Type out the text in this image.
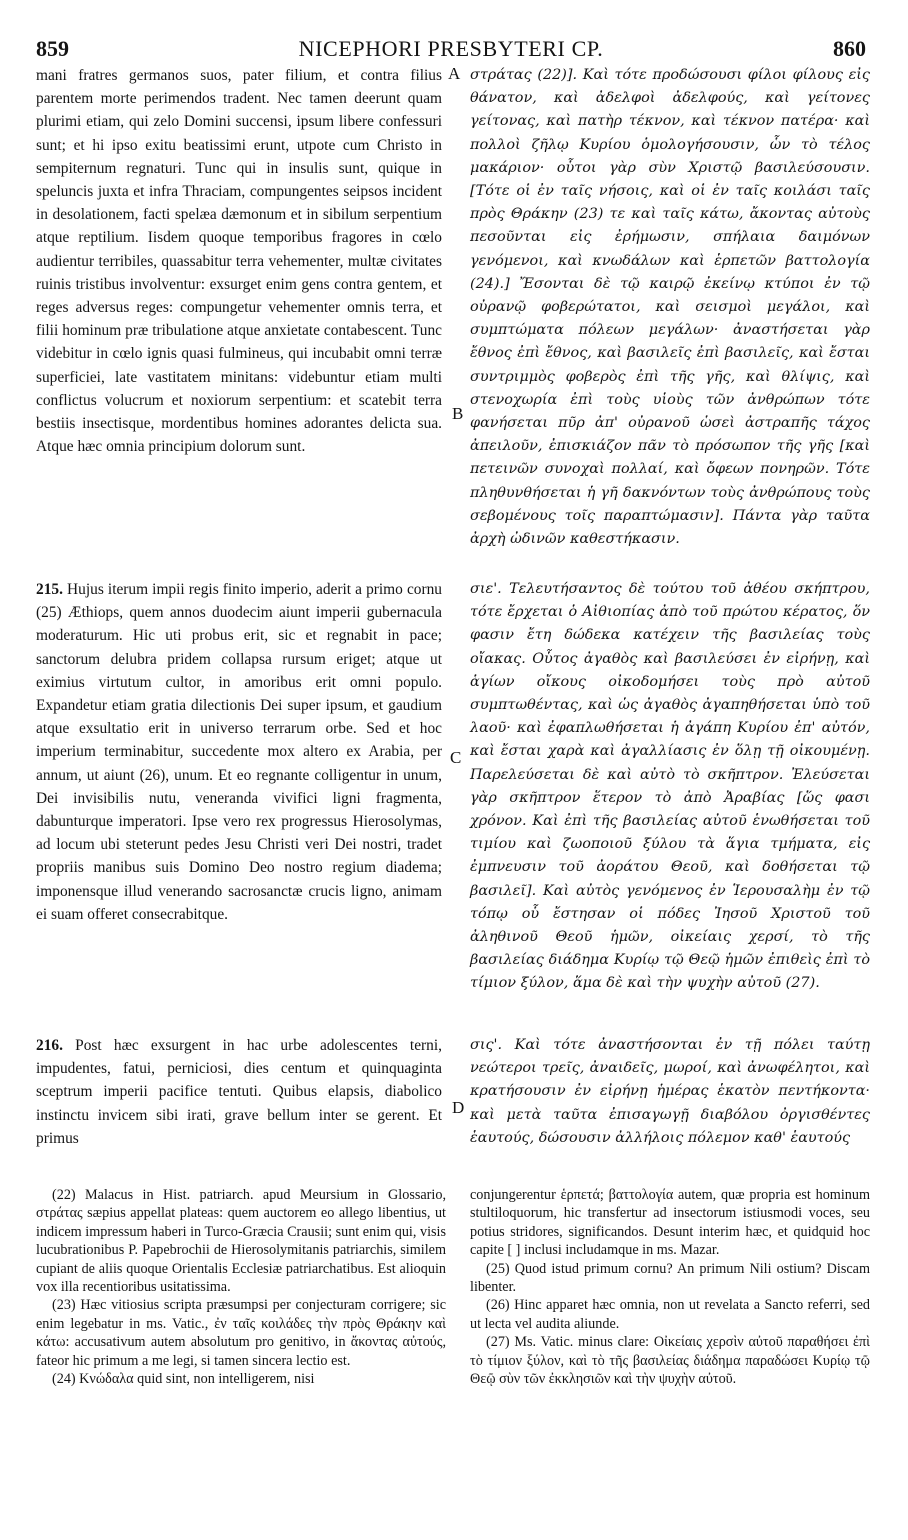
859	NICEPHORI PRESBYTERI CP.	860
mani fratres germanos suos, pater filium, et contra filius parentem morte perimendos tradent. Nec tamen deerunt quam plurimi etiam, qui zelo Domini succensi, ipsum libere confessuri sunt; et hi ipso exitu beatissimi erunt, utpote cum Christo in sempiternum regnaturi. Tunc qui in insulis sunt, quique in speluncis juxta et infra Thraciam, compungentes seipsos incident in desolationem, facti spelæa dæmonum et in sibilum serpentium atque reptilium. Iisdem quoque temporibus fragores in cœlo audientur terribiles, quassabitur terra vehementer, multæ civitates ruinis tristibus involventur: exsurget enim gens contra gentem, et reges adversus reges: compungetur vehementer omnis terra, et filii hominum præ tribulatione atque anxietate contabescent. Tunc videbitur in cœlo ignis quasi fulmineus, qui incubabit omni terræ superficiei, late vastitatem minitans: videbuntur etiam multi conflictus volucrum et noxiorum serpentium: et scatebit terra bestiis insectisque, mordentibus homines adorantes delicta sua. Atque hæc omnia principium dolorum sunt.
στράτας (22)]. Καὶ τότε προδώσουσι φίλοι φίλους εἰς θάνατον, καὶ ἀδελφοὶ ἀδελφούς, καὶ γείτονες γείτονας, καὶ πατὴρ τέκνον, καὶ τέκνον πατέρα· καὶ πολλοὶ ζῆλῳ Κυρίου ὁμολογήσουσιν, ὧν τὸ τέλος μακάριον· οὗτοι γὰρ σὺν Χριστῷ βασιλεύσουσιν. [Τότε οἱ ἐν ταῖς νήσοις, καὶ οἱ ἐν ταῖς κοιλάσι ταῖς πρὸς Θράκην (23) τε καὶ ταῖς κάτω, ἄκοντας αὐτοὺς πεσοῦνται εἰς ἐρήμωσιν, σπήλαια δαιμόνων γενόμενοι, καὶ κνωδάλων καὶ ἑρπετῶν βαττολογία (24).] Ἔσονται δὲ τῷ καιρῷ ἐκείνῳ κτύποι ἐν τῷ οὐρανῷ φοβερώτατοι, καὶ σεισμοὶ μεγάλοι, καὶ συμπτώματα πόλεων μεγάλων· ἀναστήσεται γὰρ ἔθνος ἐπὶ ἔθνος, καὶ βασιλεῖς ἐπὶ βασιλεῖς, καὶ ἔσται συντριμμὸς φοβερὸς ἐπὶ τῆς γῆς, καὶ θλίψις, καὶ στενοχωρία ἐπὶ τοὺς υἱοὺς τῶν ἀνθρώπων τότε φανήσεται πῦρ ἀπ' οὐρανοῦ ὡσεὶ ἀστραπῆς τάχος ἀπειλοῦν, ἐπισκιάζον πᾶν τὸ πρόσωπον τῆς γῆς [καὶ πετεινῶν συνοχαὶ πολλαί, καὶ ὄφεων πονηρῶν. Τότε πληθυνθήσεται ἡ γῆ δακνόντων τοὺς ἀνθρώπους τοὺς σεβομένους τοῖς παραπτώμασιν]. Πάντα γὰρ ταῦτα ἀρχὴ ὠδινῶν καθεστήκασιν.
215. Hujus iterum impii regis finito imperio, aderit a primo cornu (25) Æthiops, quem annos duodecim aiunt imperii gubernacula moderaturum. Hic uti probus erit, sic et regnabit in pace; sanctorum delubra pridem collapsa rursum eriget; atque ut eximius virtutum cultor, in amoribus erit omni populo. Expandetur etiam gratia dilectionis Dei super ipsum, et gaudium atque exsultatio erit in universo terrarum orbe. Sed et hoc imperium terminabitur, succedente mox altero ex Arabia, per annum, ut aiunt (26), unum. Et eo regnante colligentur in unum, Dei invisibilis nutu, veneranda vivifici ligni fragmenta, dabunturque imperatori. Ipse vero rex progressus Hierosolymas, ad locum ubi steterunt pedes Jesu Christi veri Dei nostri, tradet propriis manibus suis Domino Deo nostro regium diadema; imponensque illud venerando sacrosanctæ crucis ligno, animam ei suam offeret consecrabitque.
σιε'. Τελευτήσαντος δὲ τούτου τοῦ ἀθέου σκήπτρου, τότε ἔρχεται ὁ Αἰθιοπίας ἀπὸ τοῦ πρώτου κέρατος, ὅν φασιν ἔτη δώδεκα κατέχειν τῆς βασιλείας τοὺς οἴακας. Οὗτος ἀγαθὸς καὶ βασιλεύσει ἐν εἰρήνῃ, καὶ ἁγίων οἴκους οἰκοδομήσει τοὺς πρὸ αὐτοῦ συμπτωθέντας, καὶ ὡς ἀγαθὸς ἀγαπηθήσεται ὑπὸ τοῦ λαοῦ· καὶ ἐφαπλωθήσεται ἡ ἀγάπη Κυρίου ἐπ' αὐτόν, καὶ ἔσται χαρὰ καὶ ἀγαλλίασις ἐν ὅλῃ τῇ οἰκουμένῃ. Παρελεύσεται δὲ καὶ αὐτὸ τὸ σκῆπτρον. Ἐλεύσεται γὰρ σκῆπτρον ἕτερον τὸ ἀπὸ Ἀραβίας [ὥς φασι χρόνον. Καὶ ἐπὶ τῆς βασιλείας αὐτοῦ ἑνωθήσεται τοῦ τιμίου καὶ ζωοποιοῦ ξύλου τὰ ἅγια τμήματα, εἰς ἐμπνευσιν τοῦ ἀοράτου Θεοῦ, καὶ δοθήσεται τῷ βασιλεῖ]. Καὶ αὐτὸς γενόμενος ἐν Ἱερουσαλὴμ ἐν τῷ τόπῳ οὗ ἔστησαν οἱ πόδες Ἰησοῦ Χριστοῦ τοῦ ἀληθινοῦ Θεοῦ ἡμῶν, οἰκείαις χερσί, τὸ τῆς βασιλείας διάδημα Κυρίῳ τῷ Θεῷ ἡμῶν ἐπιθεὶς ἐπὶ τὸ τίμιον ξύλον, ἅμα δὲ καὶ τὴν ψυχὴν αὐτοῦ (27).
216. Post hæc exsurgent in hac urbe adolescentes terni, impudentes, fatui, perniciosi, dies centum et quinquaginta sceptrum imperii pacifice tentuti. Quibus elapsis, diabolico instinctu invicem sibi irati, grave bellum inter se gerent. Et primus
σις'. Καὶ τότε ἀναστήσονται ἐν τῇ πόλει ταύτῃ νεώτεροι τρεῖς, ἀναιδεῖς, μωροί, καὶ ἀνωφέλητοι, καὶ κρατήσουσιν ἐν εἰρήνῃ ἡμέρας ἑκατὸν πεντήκοντα· καὶ μετὰ ταῦτα ἐπισαγωγῇ διαβόλου ὀργισθέντες ἑαυτούς, δώσουσιν ἀλλήλοις πόλεμον καθ' ἑαυτούς
A
B
C
D

(22) Malacus in Hist. patriarch. apud Meursium in Glossario, στράτας sæpius appellat plateas: quem auctorem eo allego libentius, ut indicem impressum haberi in Turco-Græcia Crausii; sunt enim qui, visis lucubrationibus P. Papebrochii de Hierosolymitanis patriarchis, similem cupiant de aliis quoque Orientalis Ecclesiæ patriarchatibus. Est alioquin vox illa recentioribus usitatissima.

(23) Hæc vitiosius scripta præsumpsi per conjecturam corrigere; sic enim legebatur in ms. Vatic., ἐν ταῖς κοιλάδες τὴν πρὸς Θράκην καὶ κάτω: accusativum autem absolutum pro genitivo, in ἄκοντας αὐτούς, fateor hic primum a me legi, si tamen sincera lectio est.

(24) Κνώδαλα quid sint, non intelligerem, nisi

conjungerentur ἑρπετά; βαττολογία autem, quæ propria est hominum stultiloquorum, hic transfertur ad insectorum istiusmodi voces, seu potius stridores, significandos. Desunt interim hæc, et quidquid hoc capite [ ] inclusi includamque in ms. Mazar.

(25) Quod istud primum cornu? An primum Nili ostium? Discam libenter.

(26) Hinc apparet hæc omnia, non ut revelata a Sancto referri, sed ut lecta vel audita aliunde.

(27) Ms. Vatic. minus clare: Οἰκείαις χερσὶν αὐτοῦ παραθήσει ἐπὶ τὸ τίμιον ξύλον, καὶ τὸ τῆς βασιλείας διάδημα παραδώσει Κυρίῳ τῷ Θεῷ σὺν τῶν ἐκκλησιῶν καὶ τὴν ψυχὴν αὐτοῦ.
